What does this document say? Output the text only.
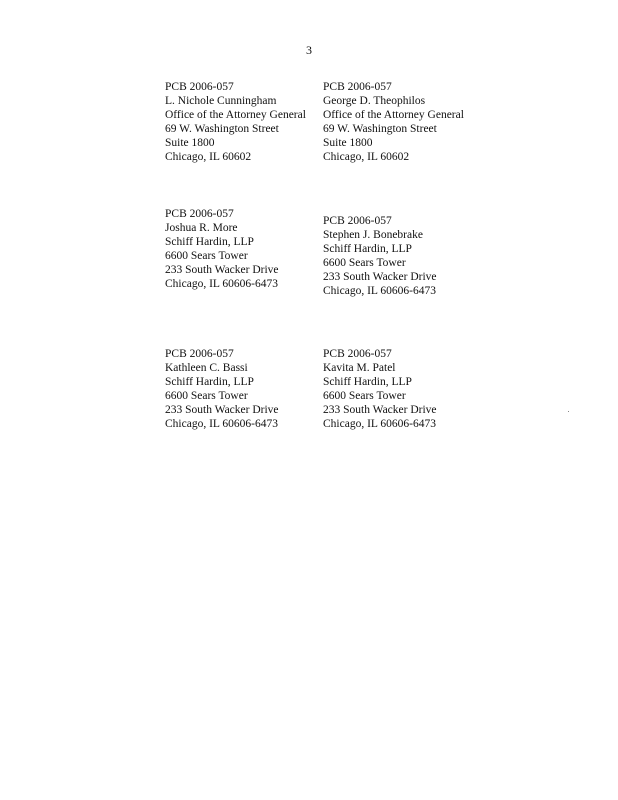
3
PCB 2006-057
L. Nichole Cunningham
Office of the Attorney General
69 W. Washington Street
Suite 1800
Chicago, IL 60602
PCB 2006-057
George D. Theophilos
Office of the Attorney General
69 W. Washington Street
Suite 1800
Chicago, IL 60602
PCB 2006-057
Joshua R. More
Schiff Hardin, LLP
6600 Sears Tower
233 South Wacker Drive
Chicago, IL 60606-6473
PCB 2006-057
Stephen J. Bonebrake
Schiff Hardin, LLP
6600 Sears Tower
233 South Wacker Drive
Chicago, IL 60606-6473
PCB 2006-057
Kathleen C. Bassi
Schiff Hardin, LLP
6600 Sears Tower
233 South Wacker Drive
Chicago, IL 60606-6473
PCB 2006-057
Kavita M. Patel
Schiff Hardin, LLP
6600 Sears Tower
233 South Wacker Drive
Chicago, IL 60606-6473
